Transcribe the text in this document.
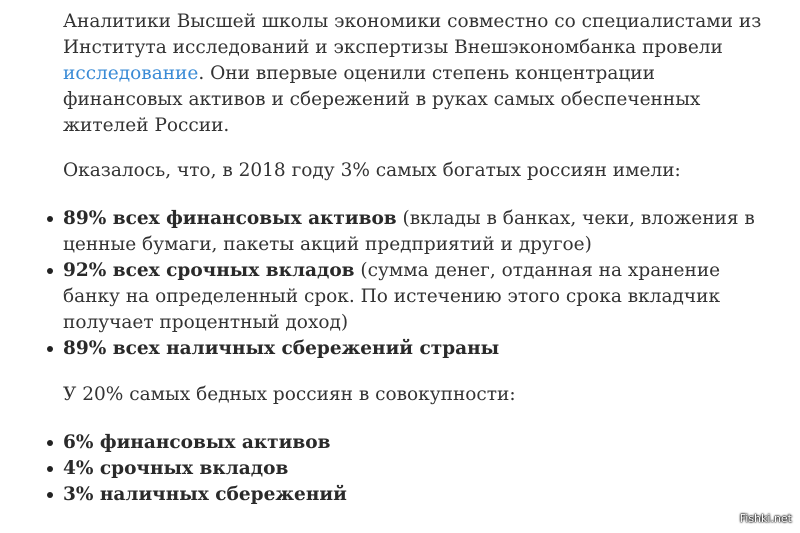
Аналитики Высшей школы экономики совместно со специалистами из Института исследований и экспертизы Внешэкономбанка провели исследование. Они впервые оценили степень концентрации финансовых активов и сбережений в руках самых обеспеченных жителей России.

Оказалось, что, в 2018 году 3% самых богатых россиян имели:

89% всех финансовых активов (вклады в банках, чеки, вложения в ценные бумаги, пакеты акций предприятий и другое)
92% всех срочных вкладов (сумма денег, отданная на хранение банку на определенный срок. По истечению этого срока вкладчик получает процентный доход)
89% всех наличных сбережений страны

У 20% самых бедных россиян в совокупности:

6% финансовых активов
4% срочных вкладов
3% наличных сбережений
Fishki.net
